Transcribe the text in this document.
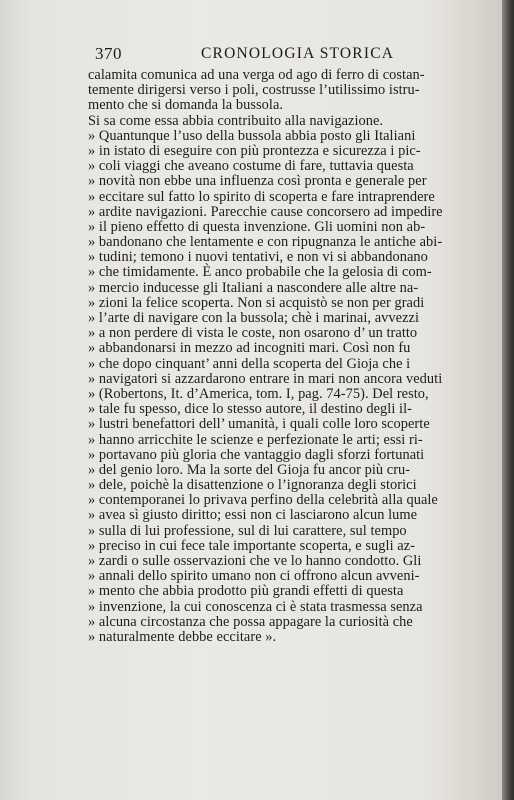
370	CRONOLOGIA STORICA
calamita comunica ad una verga od ago di ferro di costan-
temente dirigersi verso i poli, costrusse l’utilissimo istru-
mento che si domanda la bussola.
Si sa come essa abbia contribuito alla navigazione.
» Quantunque l’uso della bussola abbia posto gli Italiani
» in istato di eseguire con più prontezza e sicurezza i pic-
» coli viaggi che aveano costume di fare, tuttavia questa
» novità non ebbe una influenza così pronta e generale per
» eccitare sul fatto lo spirito di scoperta e fare intraprendere
» ardite navigazioni. Parecchie cause concorsero ad impedire
» il pieno effetto di questa invenzione. Gli uomini non ab-
» bandonano che lentamente e con ripugnanza le antiche abi-
» tudini; temono i nuovi tentativi, e non vi si abbandonano
» che timidamente. È anco probabile che la gelosia di com-
» mercio inducesse gli Italiani a nascondere alle altre na-
» zioni la felice scoperta. Non si acquistò se non per gradi
» l’arte di navigare con la bussola; chè i marinai, avvezzi
» a non perdere di vista le coste, non osarono d’ un tratto
» abbandonarsi in mezzo ad incogniti mari. Così non fu
» che dopo cinquant’ anni della scoperta del Gioja che i
» navigatori si azzardarono entrare in mari non ancora veduti
» (Robertons, It. d’America, tom. I, pag. 74-75). Del resto,
» tale fu spesso, dice lo stesso autore, il destino degli il-
» lustri benefattori dell’ umanità, i quali colle loro scoperte
» hanno arricchite le scienze e perfezionate le arti; essi ri-
» portavano più gloria che vantaggio dagli sforzi fortunati
» del genio loro. Ma la sorte del Gioja fu ancor più cru-
» dele, poichè la disattenzione o l’ignoranza degli storici
» contemporanei lo privava perfino della celebrità alla quale
» avea sì giusto diritto; essi non ci lasciarono alcun lume
» sulla di lui professione, sul di lui carattere, sul tempo
» preciso in cui fece tale importante scoperta, e sugli az-
» zardi o sulle osservazioni che ve lo hanno condotto. Gli
» annali dello spirito umano non ci offrono alcun avveni-
» mento che abbia prodotto più grandi effetti di questa
» invenzione, la cui conoscenza ci è stata trasmessa senza
» alcuna circostanza che possa appagare la curiosità che
» naturalmente debbe eccitare ».
